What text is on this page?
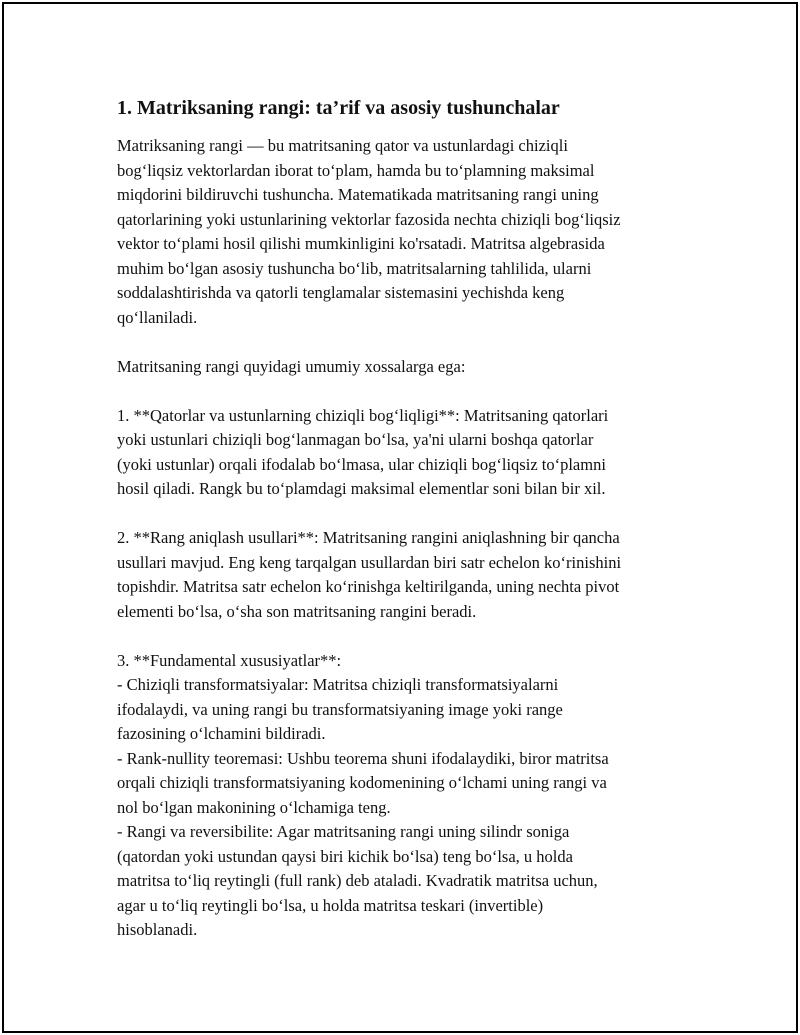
1. Matriksaning rangi: ta’rif va asosiy tushunchalar

Matriksaning rangi — bu matritsaning qator va ustunlardagi chiziqli
bog‘liqsiz vektorlardan iborat to‘plam, hamda bu to‘plamning maksimal
miqdorini bildiruvchi tushuncha. Matematikada matritsaning rangi uning
qatorlarining yoki ustunlarining vektorlar fazosida nechta chiziqli bog‘liqsiz
vektor to‘plami hosil qilishi mumkinligini ko'rsatadi. Matritsa algebrasida
muhim bo‘lgan asosiy tushuncha bo‘lib, matritsalarning tahlilida, ularni
soddalashtirishda va qatorli tenglamalar sistemasini yechishda keng
qo‘llaniladi.

Matritsaning rangi quyidagi umumiy xossalarga ega:

1. **Qatorlar va ustunlarning chiziqli bog‘liqligi**: Matritsaning qatorlari
yoki ustunlari chiziqli bog‘lanmagan bo‘lsa, ya'ni ularni boshqa qatorlar
(yoki ustunlar) orqali ifodalab bo‘lmasa, ular chiziqli bog‘liqsiz to‘plamni
hosil qiladi. Rangk bu to‘plamdagi maksimal elementlar soni bilan bir xil.

2. **Rang aniqlash usullari**: Matritsaning rangini aniqlashning bir qancha
usullari mavjud. Eng keng tarqalgan usullardan biri satr echelon ko‘rinishini
topishdir. Matritsa satr echelon ko‘rinishga keltirilganda, uning nechta pivot
elementi bo‘lsa, o‘sha son matritsaning rangini beradi.

3. **Fundamental xususiyatlar**:
- Chiziqli transformatsiyalar: Matritsa chiziqli transformatsiyalarni
ifodalaydi, va uning rangi bu transformatsiyaning image yoki range
fazosining o‘lchamini bildiradi.
- Rank-nullity teoremasi: Ushbu teorema shuni ifodalaydiki, biror matritsa
orqali chiziqli transformatsiyaning kodomenining o‘lchami uning rangi va
nol bo‘lgan makonining o‘lchamiga teng.
- Rangi va reversibilite: Agar matritsaning rangi uning silindr soniga
(qatordan yoki ustundan qaysi biri kichik bo‘lsa) teng bo‘lsa, u holda
matritsa to‘liq reytingli (full rank) deb ataladi. Kvadratik matritsa uchun,
agar u to‘liq reytingli bo‘lsa, u holda matritsa teskari (invertible)
hisoblanadi.
